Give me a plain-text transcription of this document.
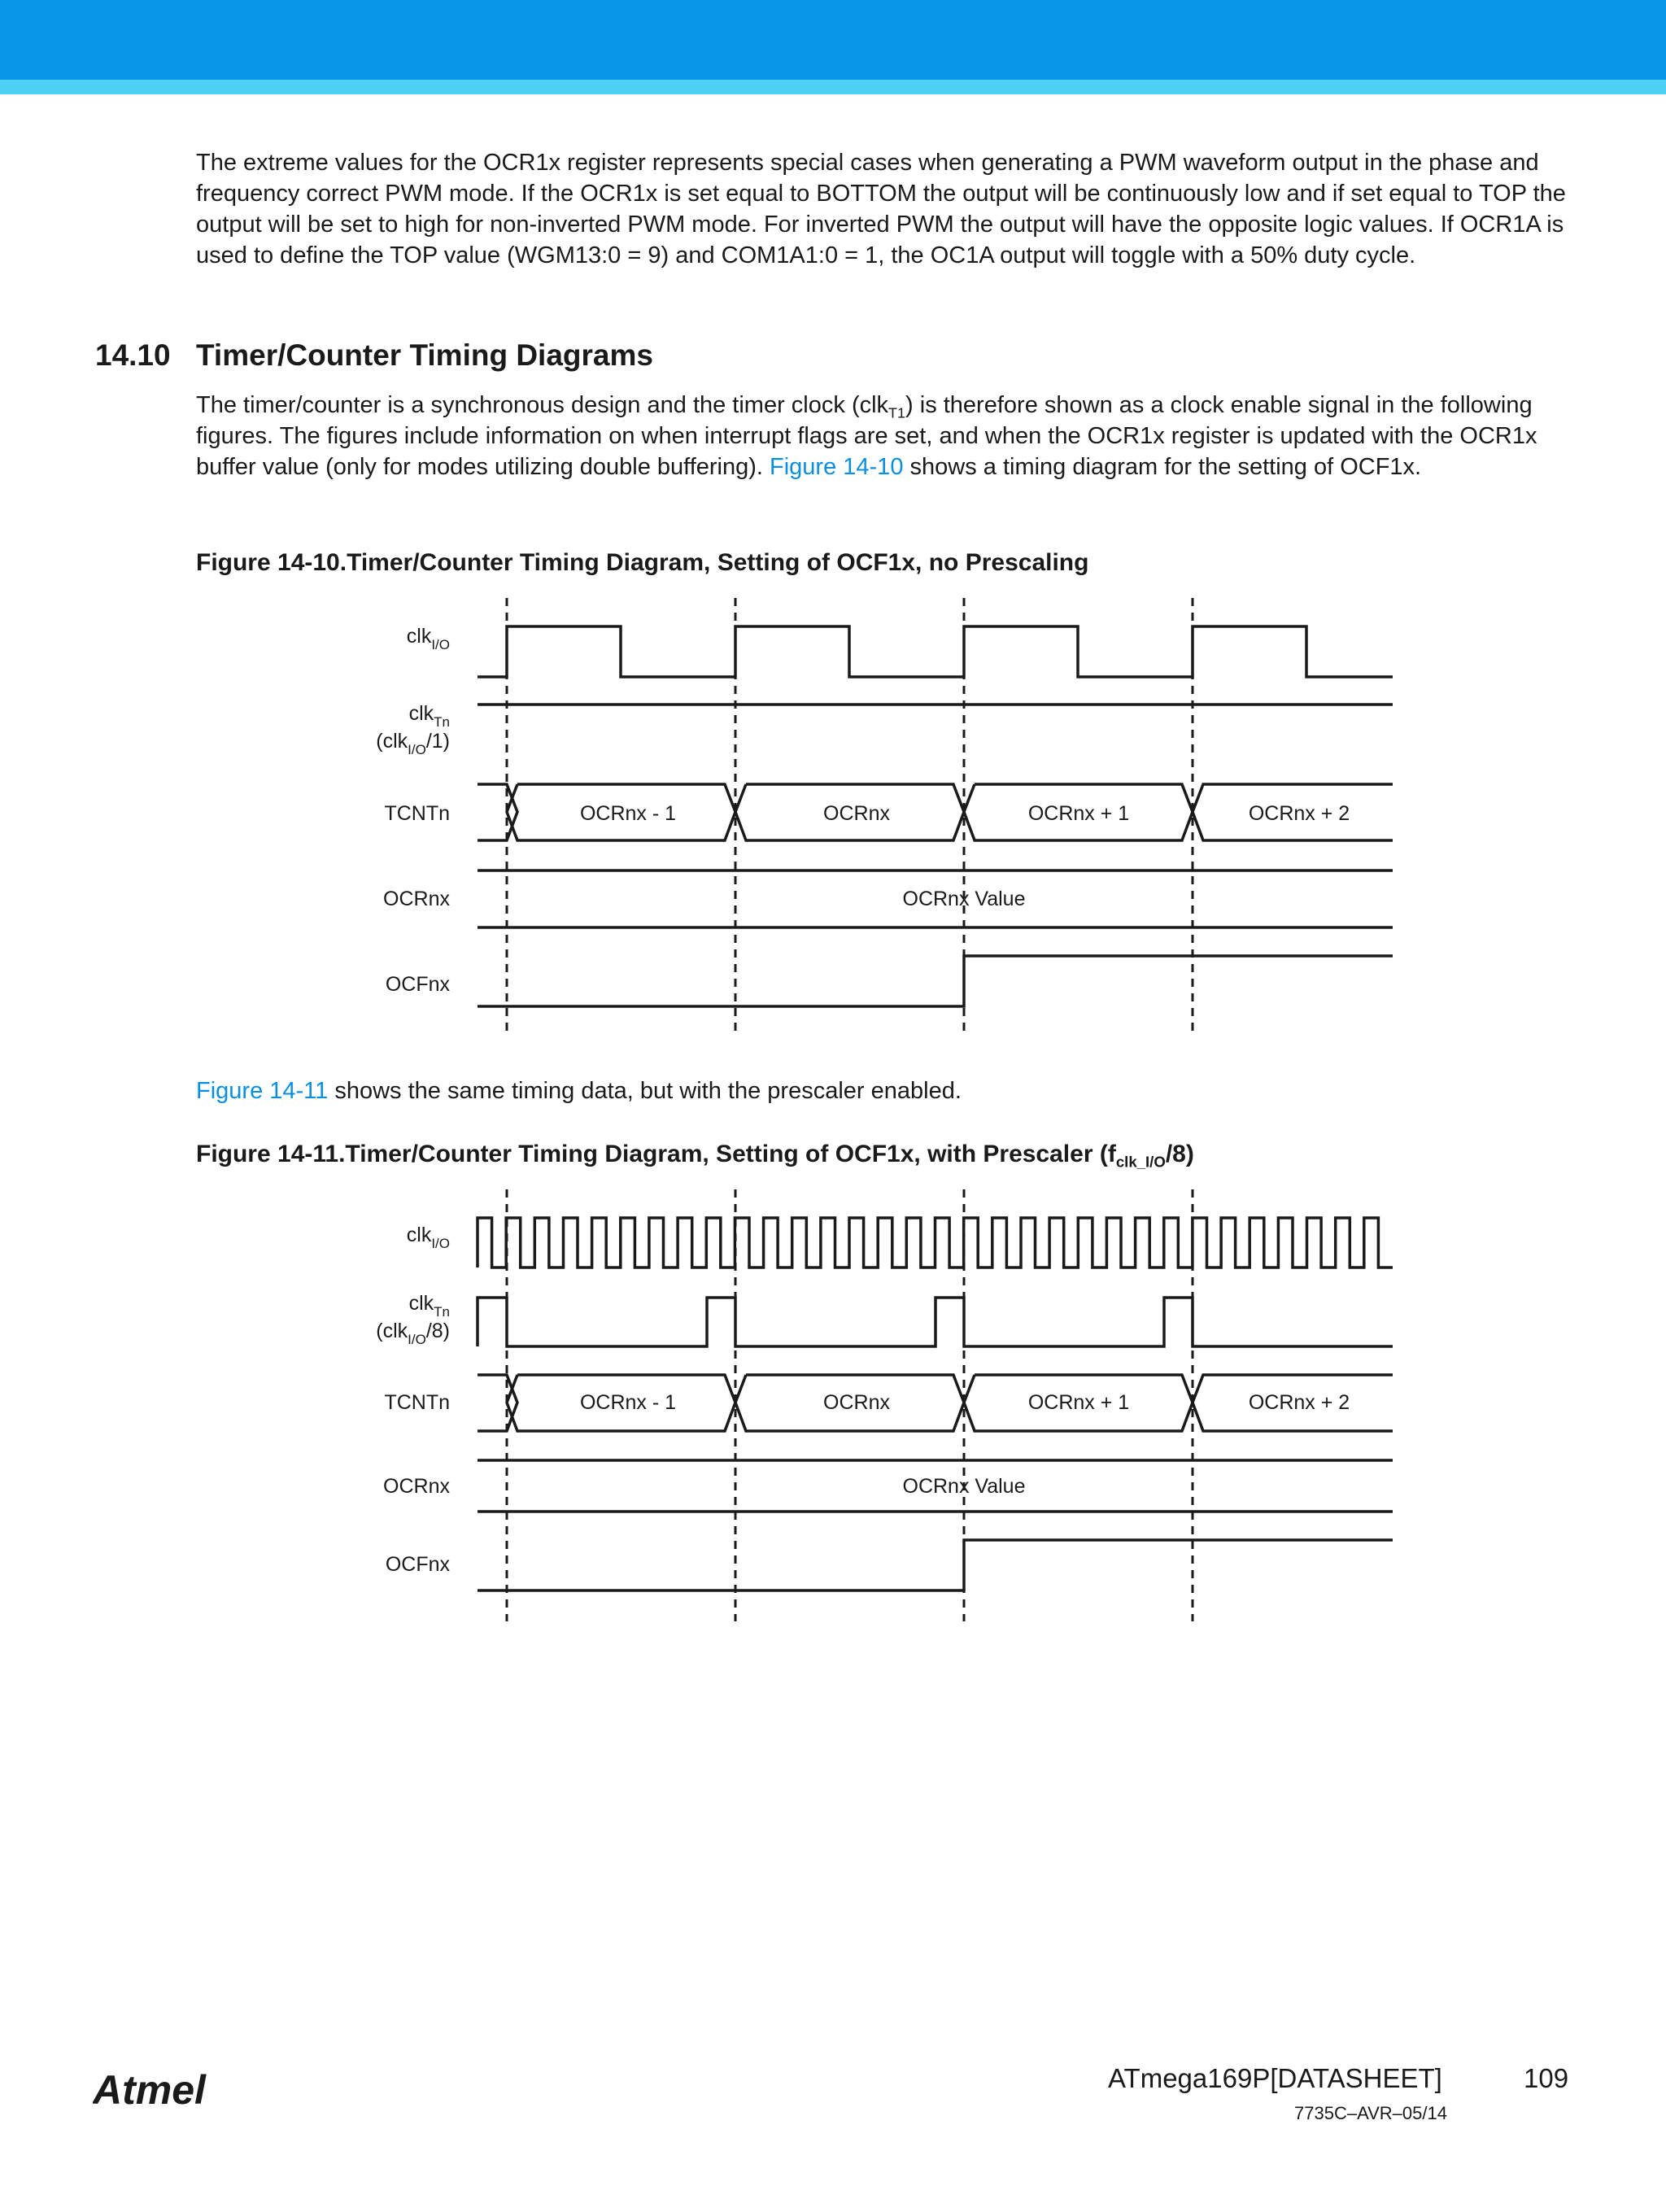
The extreme values for the OCR1x register represents special cases when generating a PWM waveform output in the phase and frequency correct PWM mode. If the OCR1x is set equal to BOTTOM the output will be continuously low and if set equal to TOP the output will be set to high for non-inverted PWM mode. For inverted PWM the output will have the opposite logic values. If OCR1A is used to define the TOP value (WGM13:0 = 9) and COM1A1:0 = 1, the OC1A output will toggle with a 50% duty cycle.

14.10 Timer/Counter Timing Diagrams

The timer/counter is a synchronous design and the timer clock (clk$_{T1}$) is therefore shown as a clock enable signal in the following figures. The figures include information on when interrupt flags are set, and when the OCR1x register is updated with the OCR1x buffer value (only for modes utilizing double buffering). Figure 14-10 shows a timing diagram for the setting of OCF1x.

Figure 14-10.Timer/Counter Timing Diagram, Setting of OCF1x, no Prescaling

clk$_{I/O}$
clk$_{Tn}$
(clk$_{I/O}$/1)
TCNTn	OCRnx - 1	OCRnx	OCRnx + 1	OCRnx + 2
OCRnx	OCRnx Value
OCFnx

Figure 14-11 shows the same timing data, but with the prescaler enabled.

Figure 14-11.Timer/Counter Timing Diagram, Setting of OCF1x, with Prescaler $(f_{clk\_I/O}/8)$

clk$_{I/O}$
clk$_{Tn}$
(clk$_{I/O}$/8)
TCNTn	OCRnx - 1	OCRnx	OCRnx + 1	OCRnx + 2
OCRnx	OCRnx Value
OCFnx
Atmel	ATmega169P[DATASHEET]	109
7735C–AVR–05/14
